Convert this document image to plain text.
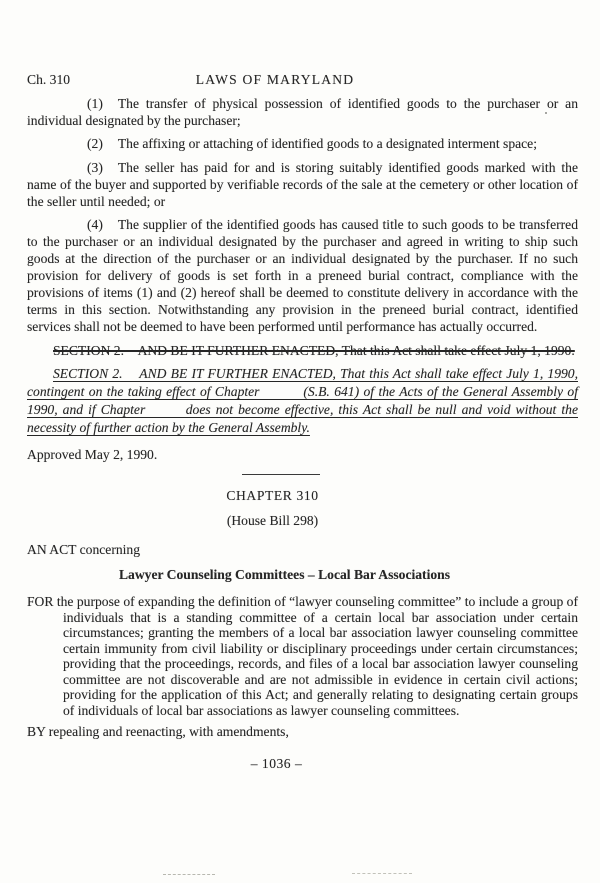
Ch. 310	LAWS OF MARYLAND

(1) The transfer of physical possession of identified goods to the purchaser or an individual designated by the purchaser;

(2) The affixing or attaching of identified goods to a designated interment space;

(3) The seller has paid for and is storing suitably identified goods marked with the name of the buyer and supported by verifiable records of the sale at the cemetery or other location of the seller until needed; or

(4) The supplier of the identified goods has caused title to such goods to be transferred to the purchaser or an individual designated by the purchaser and agreed in writing to ship such goods at the direction of the purchaser or an individual designated by the purchaser. If no such provision for delivery of goods is set forth in a preneed burial contract, compliance with the provisions of items (1) and (2) hereof shall be deemed to constitute delivery in accordance with the terms in this section. Notwithstanding any provision in the preneed burial contract, identified services shall not be deemed to have been performed until performance has actually occurred.

SECTION 2.    AND BE IT FURTHER ENACTED, That this Act shall take effect July 1, 1990.

SECTION 2.    AND BE IT FURTHER ENACTED, That this Act shall take effect July 1, 1990, contingent on the taking effect of Chapter          (S.B. 641) of the Acts of the General Assembly of 1990, and if Chapter        does not become effective, this Act shall be null and void without the necessity of further action by the General Assembly.

Approved May 2, 1990.

CHAPTER 310

(House Bill 298)

AN ACT concerning

Lawyer Counseling Committees – Local Bar Associations

FOR the purpose of expanding the definition of “lawyer counseling committee” to include a group of individuals that is a standing committee of a certain local bar association under certain circumstances; granting the members of a local bar association lawyer counseling committee certain immunity from civil liability or disciplinary proceedings under certain circumstances; providing that the proceedings, records, and files of a local bar association lawyer counseling committee are not discoverable and are not admissible in evidence in certain civil actions; providing for the application of this Act; and generally relating to designating certain groups of individuals of local bar associations as lawyer counseling committees.

BY repealing and reenacting, with amendments,

– 1036 –
